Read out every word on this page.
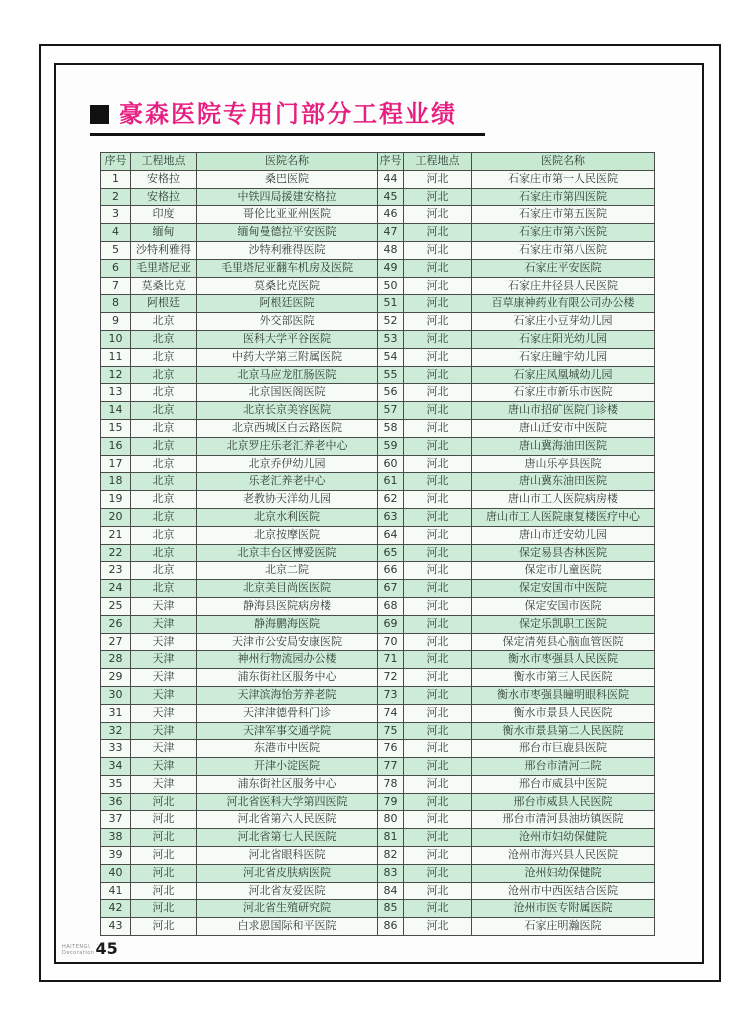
豪森医院专用门部分工程业绩
序号	工程地点	医院名称	序号	工程地点	医院名称
1	安格拉	桑巴医院	44	河北	石家庄市第一人民医院
2	安格拉	中铁四局援建安格拉	45	河北	石家庄市第四医院
3	印度	哥伦比亚亚州医院	46	河北	石家庄市第五医院
4	缅甸	缅甸曼德拉平安医院	47	河北	石家庄市第六医院
5	沙特利雅得	沙特利雅得医院	48	河北	石家庄市第八医院
6	毛里塔尼亚	毛里塔尼亚翻车机房及医院	49	河北	石家庄平安医院
7	莫桑比克	莫桑比克医院	50	河北	石家庄井径县人民医院
8	阿根廷	阿根廷医院	51	河北	百草康神药业有限公司办公楼
9	北京	外交部医院	52	河北	石家庄小豆芽幼儿园
10	北京	医科大学平谷医院	53	河北	石家庄阳光幼儿园
11	北京	中药大学第三附属医院	54	河北	石家庄瞳宇幼儿园
12	北京	北京马应龙肛肠医院	55	河北	石家庄凤凰城幼儿园
13	北京	北京国医阁医院	56	河北	石家庄市新乐市医院
14	北京	北京长京美容医院	57	河北	唐山市招矿医院门诊楼
15	北京	北京西城区白云路医院	58	河北	唐山迁安市中医院
16	北京	北京罗庄乐老汇养老中心	59	河北	唐山冀海油田医院
17	北京	北京乔伊幼儿园	60	河北	唐山乐亭县医院
18	北京	乐老汇养老中心	61	河北	唐山冀东油田医院
19	北京	老教协天洋幼儿园	62	河北	唐山市工人医院病房楼
20	北京	北京水利医院	63	河北	唐山市工人医院康复楼医疗中心
21	北京	北京按摩医院	64	河北	唐山市迁安幼儿园
22	北京	北京丰台区博爱医院	65	河北	保定易县杏林医院
23	北京	北京二院	66	河北	保定市儿童医院
24	北京	北京美目尚医医院	67	河北	保定安国市中医院
25	天津	静海县医院病房楼	68	河北	保定安国市医院
26	天津	静海鹏海医院	69	河北	保定乐凯职工医院
27	天津	天津市公安局安康医院	70	河北	保定清苑县心脑血管医院
28	天津	神州行物流园办公楼	71	河北	衡水市枣强县人民医院
29	天津	浦东街社区服务中心	72	河北	衡水市第三人民医院
30	天津	天津滨海怡芳养老院	73	河北	衡水市枣强县瞳明眼科医院
31	天津	天津津德骨科门诊	74	河北	衡水市景县人民医院
32	天津	天津军事交通学院	75	河北	衡水市景县第二人民医院
33	天津	东港市中医院	76	河北	邢台市巨鹿县医院
34	天津	开津小淀医院	77	河北	邢台市清河二院
35	天津	浦东街社区服务中心	78	河北	邢台市威县中医院
36	河北	河北省医科大学第四医院	79	河北	邢台市威县人民医院
37	河北	河北省第六人民医院	80	河北	邢台市清河县油坊镇医院
38	河北	河北省第七人民医院	81	河北	沧州市妇幼保健院
39	河北	河北省眼科医院	82	河北	沧州市海兴县人民医院
40	河北	河北省皮肤病医院	83	河北	沧州妇幼保健院
41	河北	河北省友爱医院	84	河北	沧州市中西医结合医院
42	河北	河北省生殖研究院	85	河北	沧州市医专附属医院
43	河北	白求恩国际和平医院	86	河北	石家庄明瀚医院
HAITENG\
Decoration 45
